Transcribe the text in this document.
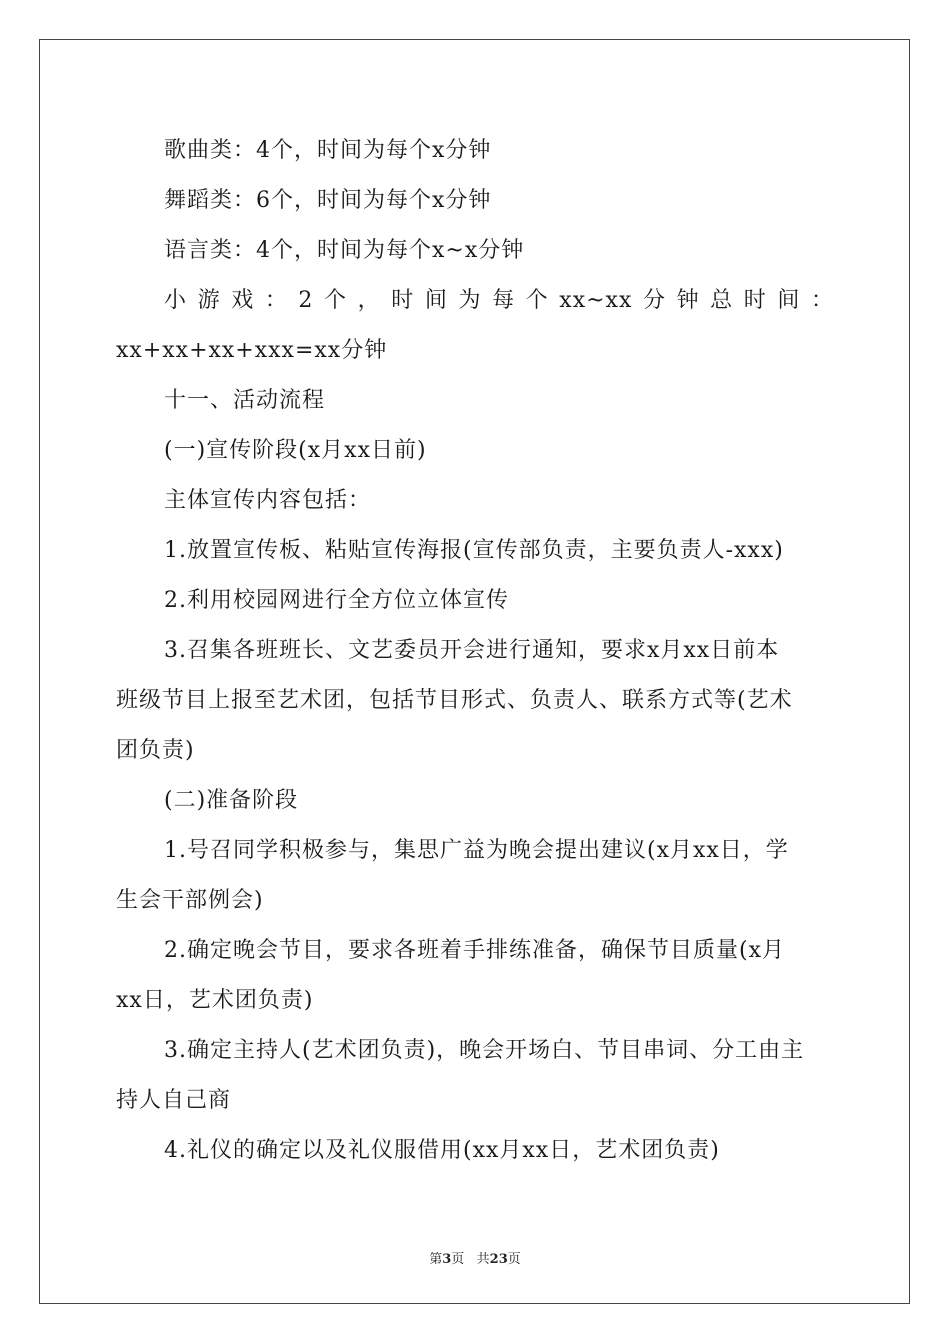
歌曲类：4个，时间为每个x分钟

舞蹈类：6个，时间为每个x分钟

语言类：4个，时间为每个x~x分钟

小游戏：2个，时间为每个xx~xx分钟总时间：

xx+xx+xx+xxx=xx分钟

十一、活动流程

(一)宣传阶段(x月xx日前)

主体宣传内容包括：

1.放置宣传板、粘贴宣传海报(宣传部负责，主要负责人-xxx)

2.利用校园网进行全方位立体宣传

3.召集各班班长、文艺委员开会进行通知，要求x月xx日前本

班级节目上报至艺术团，包括节目形式、负责人、联系方式等(艺术

团负责)

(二)准备阶段

1.号召同学积极参与，集思广益为晚会提出建议(x月xx日，学

生会干部例会)

2.确定晚会节目，要求各班着手排练准备，确保节目质量(x月

xx日，艺术团负责)

3.确定主持人(艺术团负责)，晚会开场白、节目串词、分工由主

持人自己商

4.礼仪的确定以及礼仪服借用(xx月xx日，艺术团负责)

第3页   共23页
